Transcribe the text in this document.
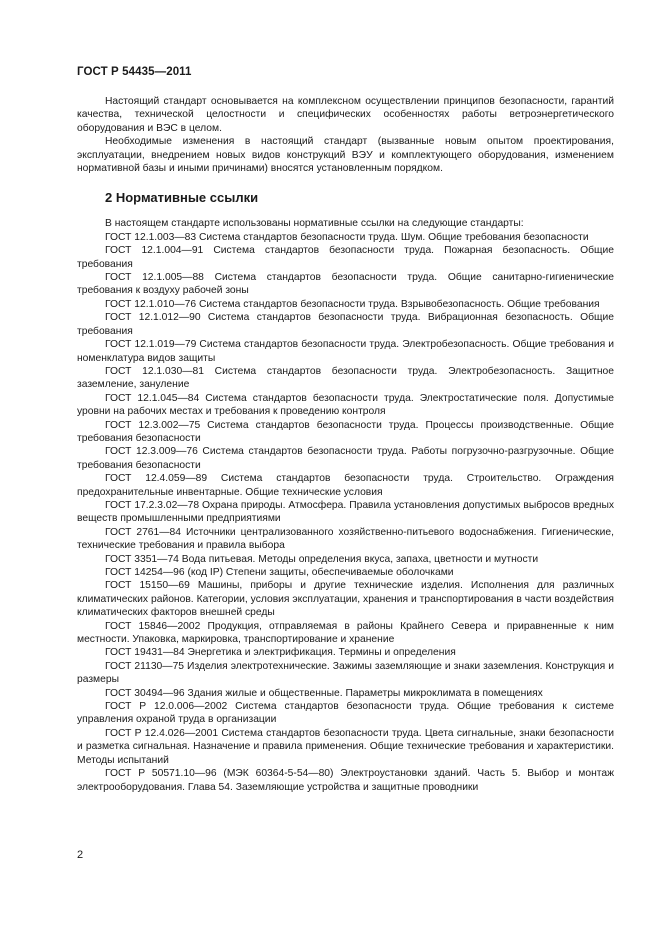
ГОСТ Р 54435—2011

Настоящий стандарт основывается на комплексном осуществлении принципов безопасности, гарантий качества, технической целостности и специфических особенностях работы ветроэнергетического оборудования и ВЭС в целом.

Необходимые изменения в настоящий стандарт (вызванные новым опытом проектирования, эксплуатации, внедрением новых видов конструкций ВЭУ и комплектующего оборудования, изменением нормативной базы и иными причинами) вносятся установленным порядком.

2 Нормативные ссылки

В настоящем стандарте использованы нормативные ссылки на следующие стандарты:

ГОСТ 12.1.003—83 Система стандартов безопасности труда. Шум. Общие требования безопасности

ГОСТ 12.1.004—91 Система стандартов безопасности труда. Пожарная безопасность. Общие требования

ГОСТ 12.1.005—88 Система стандартов безопасности труда. Общие санитарно-гигиенические требования к воздуху рабочей зоны

ГОСТ 12.1.010—76 Система стандартов безопасности труда. Взрывобезопасность. Общие требования

ГОСТ 12.1.012—90 Система стандартов безопасности труда. Вибрационная безопасность. Общие требования

ГОСТ 12.1.019—79 Система стандартов безопасности труда. Электробезопасность. Общие требования и номенклатура видов защиты

ГОСТ 12.1.030—81 Система стандартов безопасности труда. Электробезопасность. Защитное заземление, зануление

ГОСТ 12.1.045—84 Система стандартов безопасности труда. Электростатические поля. Допустимые уровни на рабочих местах и требования к проведению контроля

ГОСТ 12.3.002—75 Система стандартов безопасности труда. Процессы производственные. Общие требования безопасности

ГОСТ 12.3.009—76 Система стандартов безопасности труда. Работы погрузочно-разгрузочные. Общие требования безопасности

ГОСТ 12.4.059—89 Система стандартов безопасности труда. Строительство. Ограждения предохранительные инвентарные. Общие технические условия

ГОСТ 17.2.3.02—78 Охрана природы. Атмосфера. Правила установления допустимых выбросов вредных веществ промышленными предприятиями

ГОСТ 2761—84 Источники централизованного хозяйственно-питьевого водоснабжения. Гигиенические, технические требования и правила выбора

ГОСТ 3351—74 Вода питьевая. Методы определения вкуса, запаха, цветности и мутности

ГОСТ 14254—96 (код IP) Степени защиты, обеспечиваемые оболочками

ГОСТ 15150—69 Машины, приборы и другие технические изделия. Исполнения для различных климатических районов. Категории, условия эксплуатации, хранения и транспортирования в части воздействия климатических факторов внешней среды

ГОСТ 15846—2002 Продукция, отправляемая в районы Крайнего Севера и приравненные к ним местности. Упаковка, маркировка, транспортирование и хранение

ГОСТ 19431—84 Энергетика и электрификация. Термины и определения

ГОСТ 21130—75 Изделия электротехнические. Зажимы заземляющие и знаки заземления. Конструкция и размеры

ГОСТ 30494—96 Здания жилые и общественные. Параметры микроклимата в помещениях

ГОСТ Р 12.0.006—2002 Система стандартов безопасности труда. Общие требования к системе управления охраной труда в организации

ГОСТ Р 12.4.026—2001 Система стандартов безопасности труда. Цвета сигнальные, знаки безопасности и разметка сигнальная. Назначение и правила применения. Общие технические требования и характеристики. Методы испытаний

ГОСТ Р 50571.10—96 (МЭК 60364-5-54—80) Электроустановки зданий. Часть 5. Выбор и монтаж электрооборудования. Глава 54. Заземляющие устройства и защитные проводники

2
